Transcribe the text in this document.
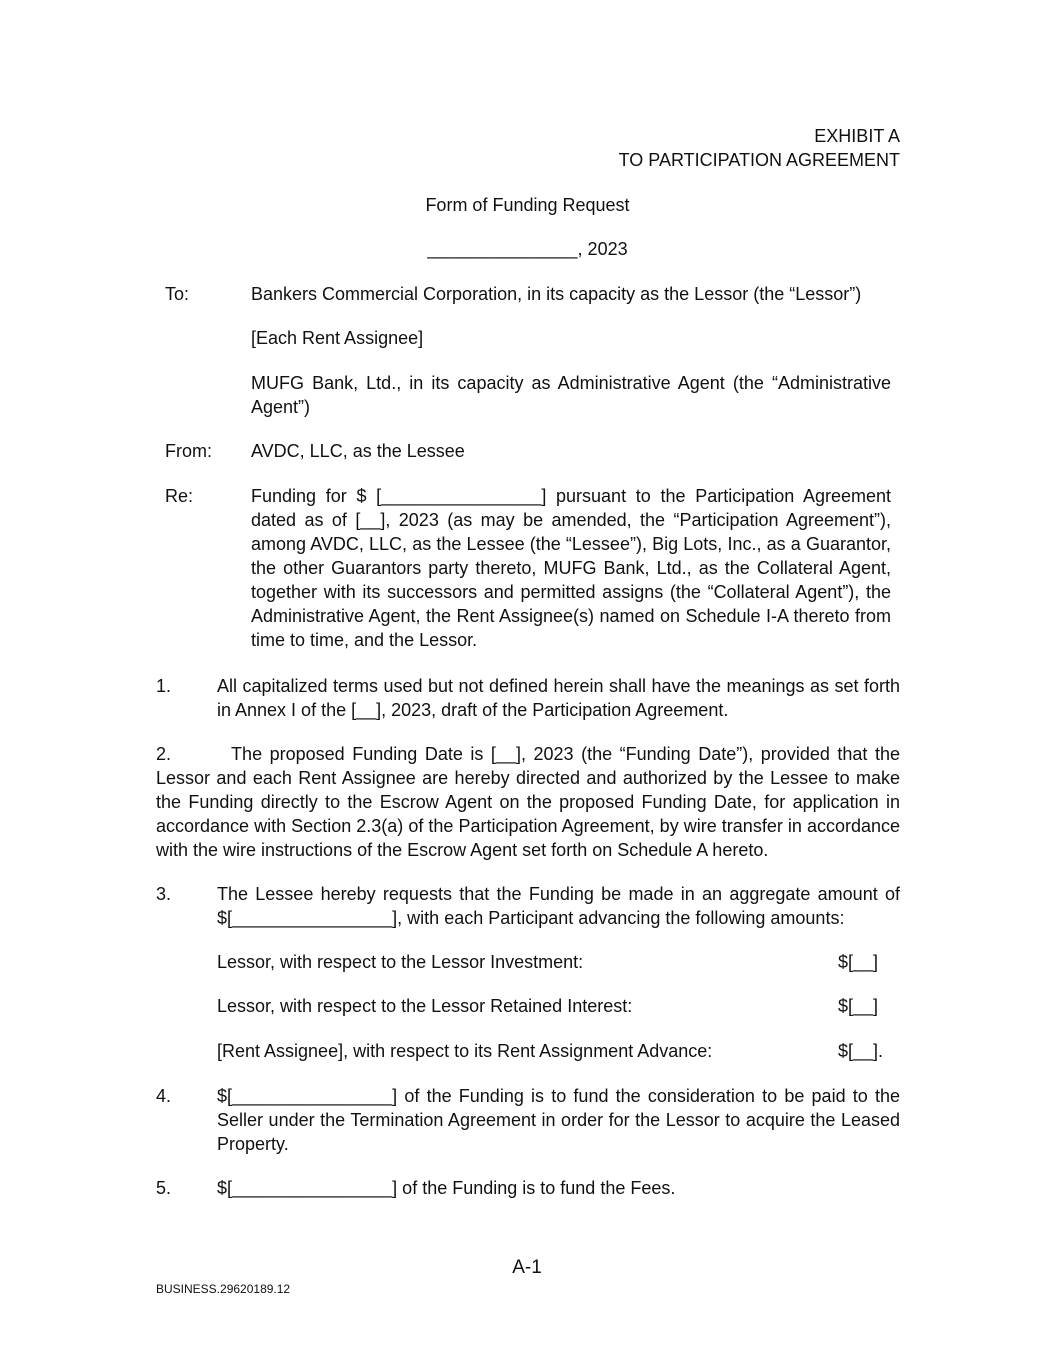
EXHIBIT A
TO PARTICIPATION AGREEMENT
Form of Funding Request
_______________, 2023
To:	Bankers Commercial Corporation, in its capacity as the Lessor (the “Lessor”)
[Each Rent Assignee]
MUFG Bank, Ltd., in its capacity as Administrative Agent (the “Administrative Agent”)
From: AVDC, LLC, as the Lessee
Re:	Funding for $ [________________] pursuant to the Participation Agreement dated as of [__], 2023 (as may be amended, the “Participation Agreement”), among AVDC, LLC, as the Lessee (the “Lessee”), Big Lots, Inc., as a Guarantor, the other Guarantors party thereto, MUFG Bank, Ltd., as the Collateral Agent, together with its successors and permitted assigns (the “Collateral Agent”), the Administrative Agent, the Rent Assignee(s) named on Schedule I-A thereto from time to time, and the Lessor.
1.	All capitalized terms used but not defined herein shall have the meanings as set forth in Annex I of the [__], 2023, draft of the Participation Agreement.
2.        The proposed Funding Date is [__], 2023 (the “Funding Date”), provided that the Lessor and each Rent Assignee are hereby directed and authorized by the Lessee to make the Funding directly to the Escrow Agent on the proposed Funding Date, for application in accordance with Section 2.3(a) of the Participation Agreement, by wire transfer in accordance with the wire instructions of the Escrow Agent set forth on Schedule A hereto.
3.	The Lessee hereby requests that the Funding be made in an aggregate amount of $[________________], with each Participant advancing the following amounts:
Lessor, with respect to the Lessor Investment:	$[__]
Lessor, with respect to the Lessor Retained Interest:	$[__]
[Rent Assignee], with respect to its Rent Assignment Advance:	$[__].
4.	$[________________] of the Funding is to fund the consideration to be paid to the Seller under the Termination Agreement in order for the Lessor to acquire the Leased Property.
5.	$[________________] of the Funding is to fund the Fees.
A-1
BUSINESS.29620189.12
